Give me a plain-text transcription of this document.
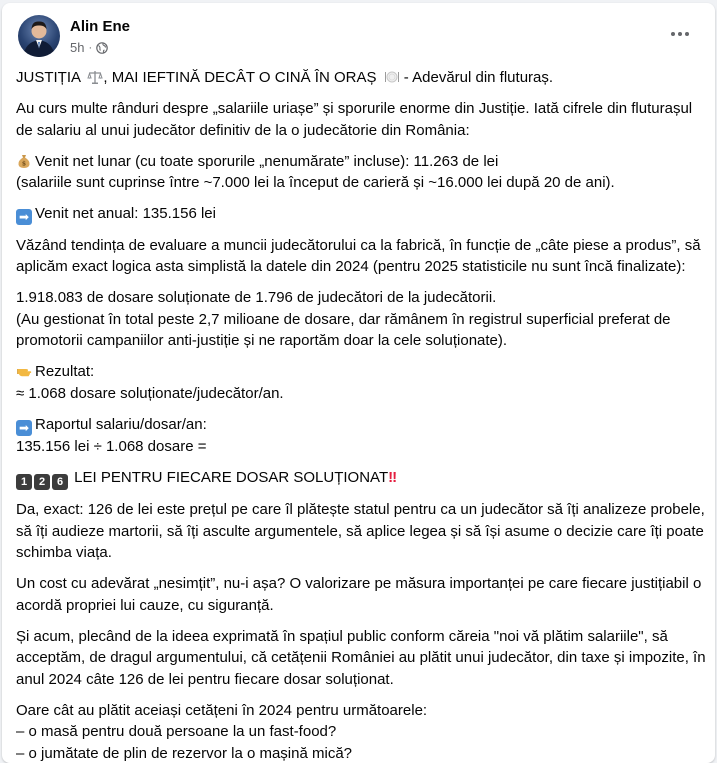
Alin Ene
5h ·

JUSTIȚIA , MAI IEFTINĂ DECÂT O CINĂ ÎN ORAȘ  - Adevărul din fluturaș.

Au curs multe rânduri despre „salariile uriașe” și sporurile enorme din Justiție. Iată cifrele din fluturașul de salariu al unui judecător definitiv de la o judecătorie din România:

$ Venit net lunar (cu toate sporurile „nenumărate” incluse): 11.263 de lei
(salariile sunt cuprinse între ~7.000 lei la început de carieră și ~16.000 lei după 20 de ani).

➡ Venit net anual: 135.156 lei

Văzând tendința de evaluare a muncii judecătorului ca la fabrică, în funcție de „câte piese a produs”, să aplicăm exact logica asta simplistă la datele din 2024 (pentru 2025 statisticile nu sunt încă finalizate):

1.918.083 de dosare soluționate de 1.796 de judecători de la judecătorii.
(Au gestionat în total peste 2,7 milioane de dosare, dar rămânem în registrul superficial preferat de promotorii campaniilor anti-justiție și ne raportăm doar la cele soluționate).

Rezultat:
≈ 1.068 dosare soluționate/judecător/an.

➡ Raportul salariu/dosar/an:
135.156 lei ÷ 1.068 dosare =

1 2 6 LEI PENTRU FIECARE DOSAR SOLUȚIONAT!!

Da, exact: 126 de lei este prețul pe care îl plătește statul pentru ca un judecător să îți analizeze probele, să îți audieze martorii, să îți asculte argumentele, să aplice legea și să își asume o decizie care îți poate schimba viața.

Un cost cu adevărat „nesimțit”, nu-i așa? O valorizare pe măsura importanței pe care fiecare justițiabil o acordă propriei lui cauze, cu siguranță.

Și acum, plecând de la ideea exprimată în spațiul public conform căreia "noi vă plătim salariile", să acceptăm, de dragul argumentului, că cetățenii României au plătit unui judecător, din taxe și impozite, în anul 2024 câte 126 de lei pentru fiecare dosar soluționat.

Oare cât au plătit aceiași cetățeni în 2024 pentru următoarele:
– o masă pentru două persoane la un fast-food?
– o jumătate de plin de rezervor la o mașină mică?
